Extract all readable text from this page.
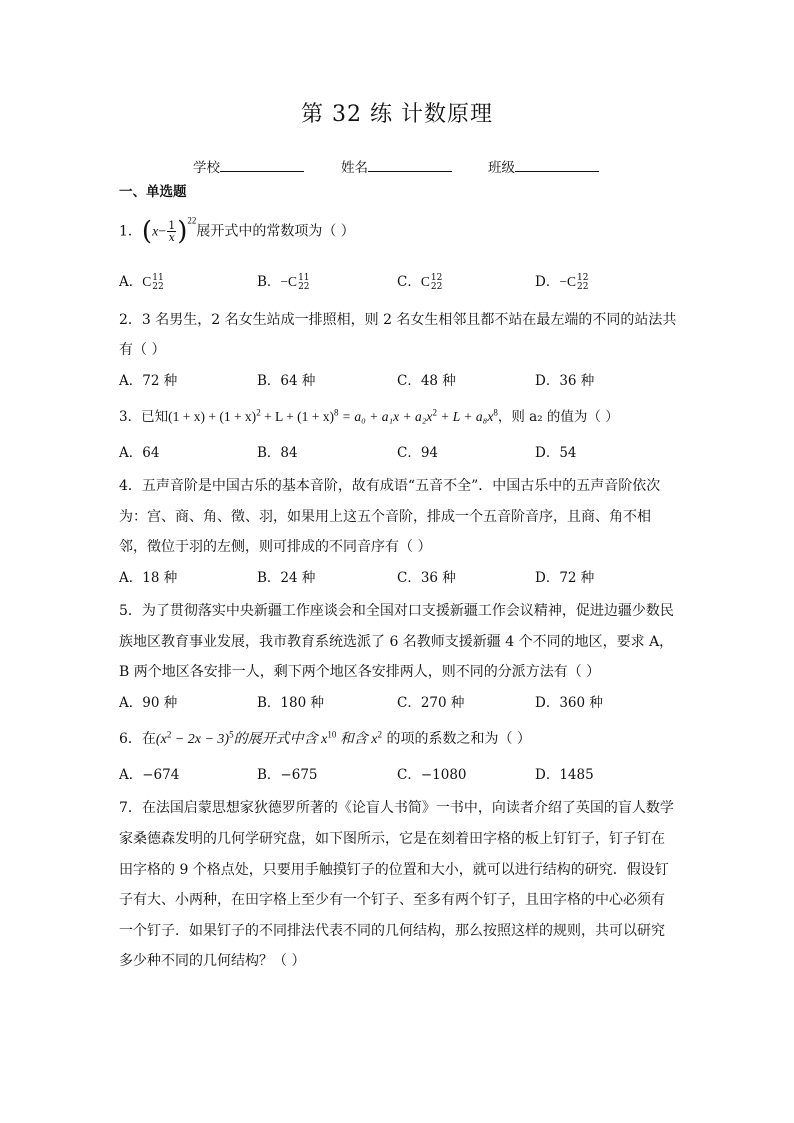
第 32 练 计数原理
学校	姓名	班级
一、单选题
1．$(x- \frac{1}{x} )^{22}$展开式中的常数项为（ ）
A．C 11
22	B．−C 11
22	C．C 12
22	D．−C 12
22
2．3 名男生，2 名女生站成一排照相，则 2 名女生相邻且都不站在最左端的不同的站法共
有（ ）
A．72 种	B．64 种	C．48 种	D．36 种
3．已知$(1 + x) + (1 + x)^2 + L + (1 + x)^8 = a_0 + a_1x + a_2x^2 + L + a_8x^8$，则 a₂ 的值为（ ）
A．64	B．84	C．94	D．54
4．五声音阶是中国古乐的基本音阶，故有成语“五音不全”．中国古乐中的五声音阶依次
为：宫、商、角、徵、羽，如果用上这五个音阶，排成一个五音阶音序，且商、角不相
邻，徵位于羽的左侧，则可排成的不同音序有（ ）
A．18 种	B．24 种	C．36 种	D．72 种
5．为了贯彻落实中央新疆工作座谈会和全国对口支援新疆工作会议精神，促进边疆少数民
族地区教育事业发展，我市教育系统选派了 6 名教师支援新疆 4 个不同的地区，要求 A，
B 两个地区各安排一人，剩下两个地区各安排两人，则不同的分派方法有（ ）
A．90 种	B．180 种	C．270 种	D．360 种
6．在$(x^2 - 2x - 3)^5$的展开式中含 $x^{10}$ 和含 $x^2$ 的项的系数之和为（ ）
A．−674	B．−675	C．−1080	D．1485
7．在法国启蒙思想家狄德罗所著的《论盲人书简》一书中，向读者介绍了英国的盲人数学
家桑德森发明的几何学研究盘，如下图所示，它是在刻着田字格的板上钉钉子，钉子钉在
田字格的 9 个格点处，只要用手触摸钉子的位置和大小，就可以进行结构的研究．假设钉
子有大、小两种，在田字格上至少有一个钉子、至多有两个钉子，且田字格的中心必须有
一个钉子．如果钉子的不同排法代表不同的几何结构，那么按照这样的规则，共可以研究
多少种不同的几何结构？（ ）
